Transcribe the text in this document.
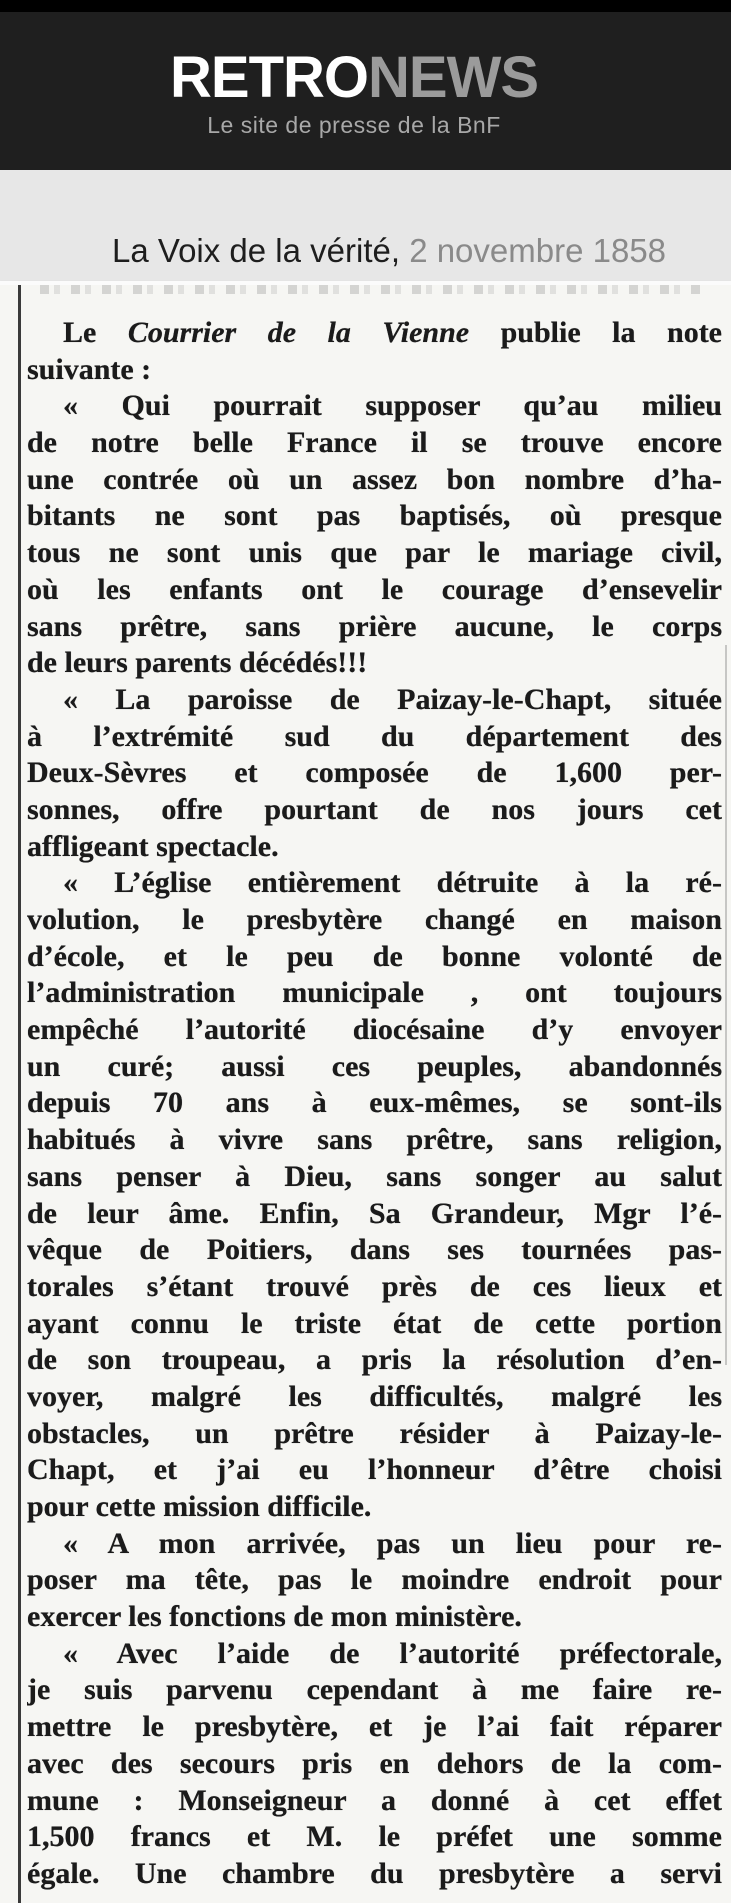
RETRONEWS
Le site de presse de la BnF
La Voix de la vérité, 2 novembre 1858
Le Courrier de la Vienne publie la note
suivante :
« Qui pourrait supposer qu’au milieu
de notre belle France il se trouve encore
une contrée où un assez bon nombre d’ha-
bitants ne sont pas baptisés, où presque
tous ne sont unis que par le mariage civil,
où les enfants ont le courage d’ensevelir
sans prêtre, sans prière aucune, le corps
de leurs parents décédés!!!
« La paroisse de Paizay-le-Chapt, située
à l’extrémité sud du département des
Deux-Sèvres et composée de 1,600 per-
sonnes, offre pourtant de nos jours cet
affligeant spectacle.
« L’église entièrement détruite à la ré-
volution, le presbytère changé en maison
d’école, et le peu de bonne volonté de
l’administration municipale , ont toujours
empêché l’autorité diocésaine d’y envoyer
un curé; aussi ces peuples, abandonnés
depuis 70 ans à eux-mêmes, se sont-ils
habitués à vivre sans prêtre, sans religion,
sans penser à Dieu, sans songer au salut
de leur âme. Enfin, Sa Grandeur, Mgr l’é-
vêque de Poitiers, dans ses tournées pas-
torales s’étant trouvé près de ces lieux et
ayant connu le triste état de cette portion
de son troupeau, a pris la résolution d’en-
voyer, malgré les difficultés, malgré les
obstacles, un prêtre résider à Paizay-le-
Chapt, et j’ai eu l’honneur d’être choisi
pour cette mission difficile.
« A mon arrivée, pas un lieu pour re-
poser ma tête, pas le moindre endroit pour
exercer les fonctions de mon ministère.
« Avec l’aide de l’autorité préfectorale,
je suis parvenu cependant à me faire re-
mettre le presbytère, et je l’ai fait réparer
avec des secours pris en dehors de la com-
mune : Monseigneur a donné à cet effet
1,500 francs et M. le préfet une somme
égale. Une chambre du presbytère a servi
